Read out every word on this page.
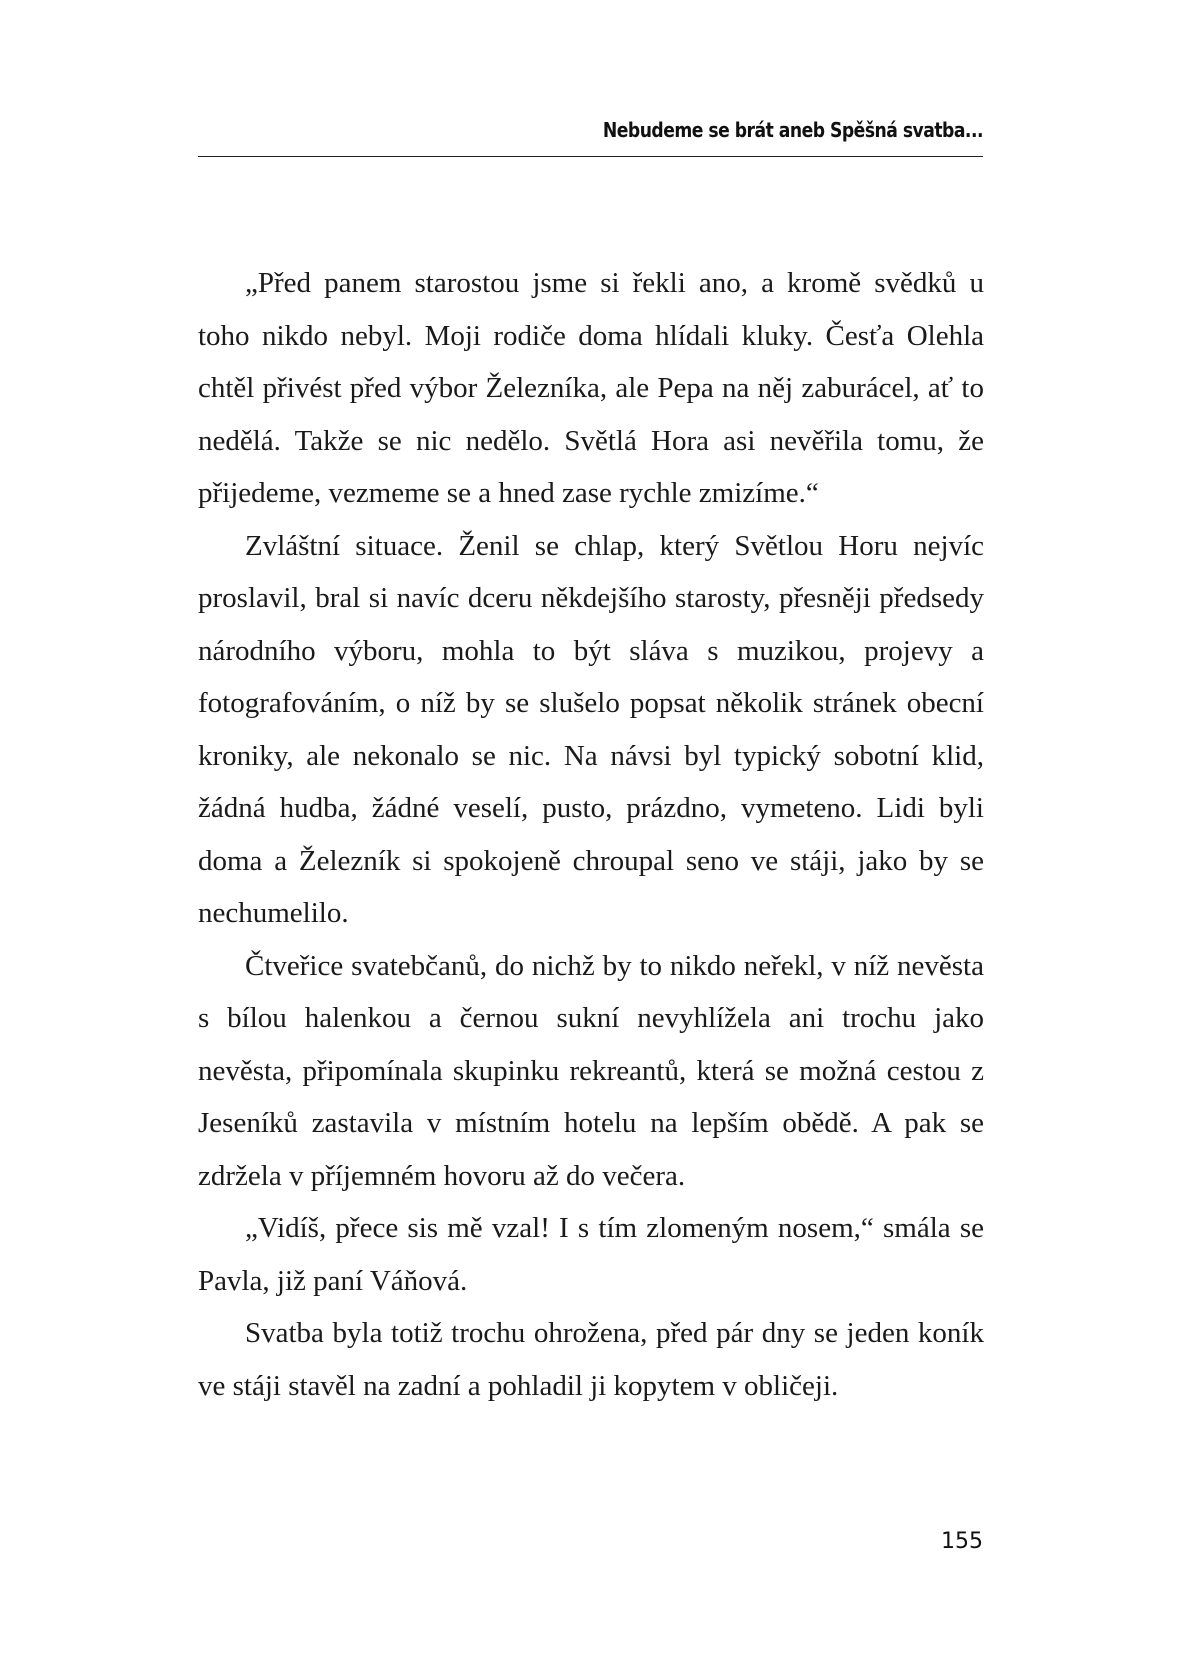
Nebudeme se brát aneb Spěšná svatba...

„Před panem starostou jsme si řekli ano, a kromě svědků u toho nikdo nebyl. Moji rodiče doma hlídali kluky. Česťa Olehla chtěl přivést před výbor Železníka, ale Pepa na něj zaburácel, ať to nedělá. Takže se nic nedělo. Světlá Hora asi nevěřila tomu, že přijedeme, vezmeme se a hned zase rychle zmizíme.“

Zvláštní situace. Ženil se chlap, který Světlou Horu nejvíc proslavil, bral si navíc dceru někdejšího starosty, přesněji předsedy národního výboru, mohla to být sláva s muzikou, projevy a fotografováním, o níž by se slušelo popsat několik stránek obecní kroniky, ale nekonalo se nic. Na návsi byl typický sobotní klid, žádná hudba, žádné veselí, pusto, prázdno, vymeteno. Lidi byli doma a Železník si spokojeně chroupal seno ve stáji, jako by se nechumelilo.

Čtveřice svatebčanů, do nichž by to nikdo neřekl, v níž nevěsta s bílou halenkou a černou sukní nevyhlížela ani trochu jako nevěsta, připomínala skupinku rekreantů, která se možná cestou z Jeseníků zastavila v místním hotelu na lepším obědě. A pak se zdržela v příjemném hovoru až do večera.

„Vidíš, přece sis mě vzal! I s tím zlomeným nosem,“ smála se Pavla, již paní Váňová.

Svatba byla totiž trochu ohrožena, před pár dny se jeden koník ve stáji stavěl na zadní a pohladil ji kopytem v obličeji.

155
